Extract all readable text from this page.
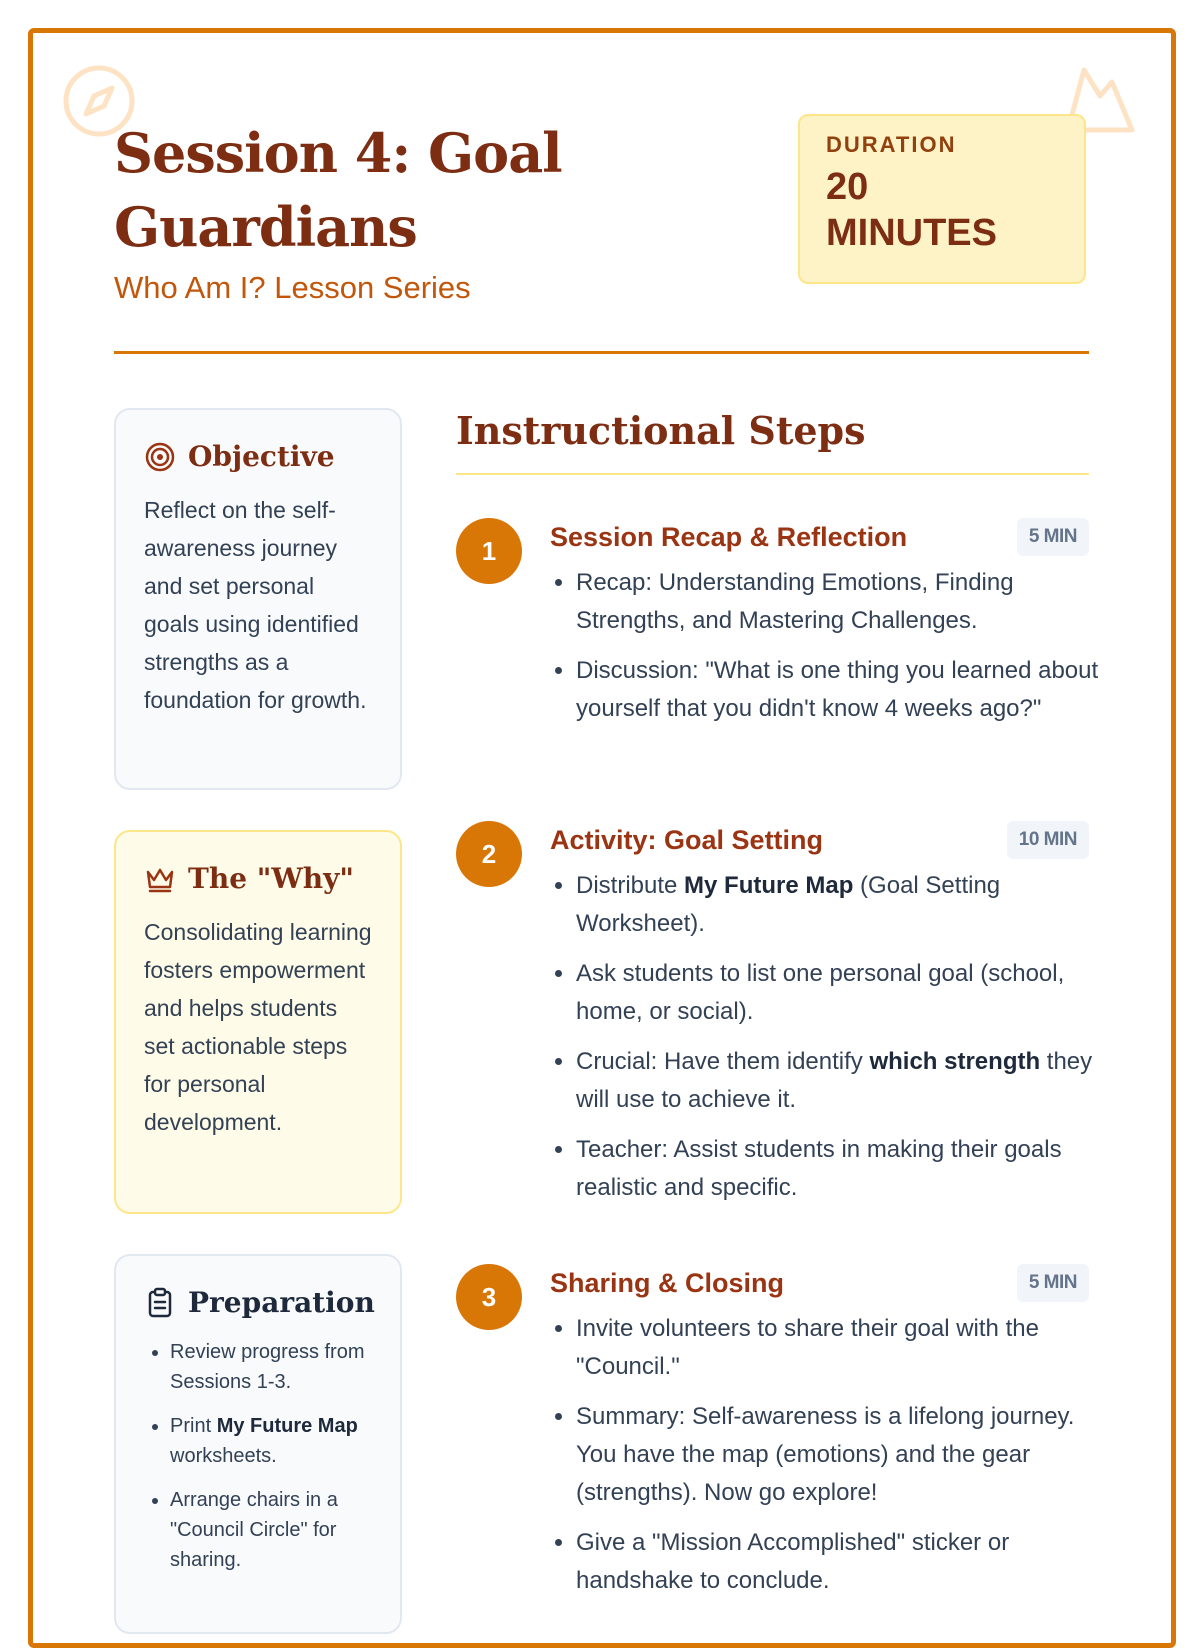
Session 4: Goal Guardians
Who Am I? Lesson Series
DURATION
20 MINUTES
Objective
Reflect on the self-awareness journey and set personal goals using identified strengths as a foundation for growth.
The "Why"
Consolidating learning fosters empowerment and helps students set actionable steps for personal development.
Preparation
• Review progress from Sessions 1-3.
• Print My Future Map worksheets.
• Arrange chairs in a "Council Circle" for sharing.
Instructional Steps
1	Session Recap & Reflection	5 MIN
• Recap: Understanding Emotions, Finding Strengths, and Mastering Challenges.
• Discussion: "What is one thing you learned about yourself that you didn't know 4 weeks ago?"
2	Activity: Goal Setting	10 MIN
• Distribute My Future Map (Goal Setting Worksheet).
• Ask students to list one personal goal (school, home, or social).
• Crucial: Have them identify which strength they will use to achieve it.
• Teacher: Assist students in making their goals realistic and specific.
3	Sharing & Closing	5 MIN
• Invite volunteers to share their goal with the "Council."
• Summary: Self-awareness is a lifelong journey. You have the map (emotions) and the gear (strengths). Now go explore!
• Give a "Mission Accomplished" sticker or handshake to conclude.
